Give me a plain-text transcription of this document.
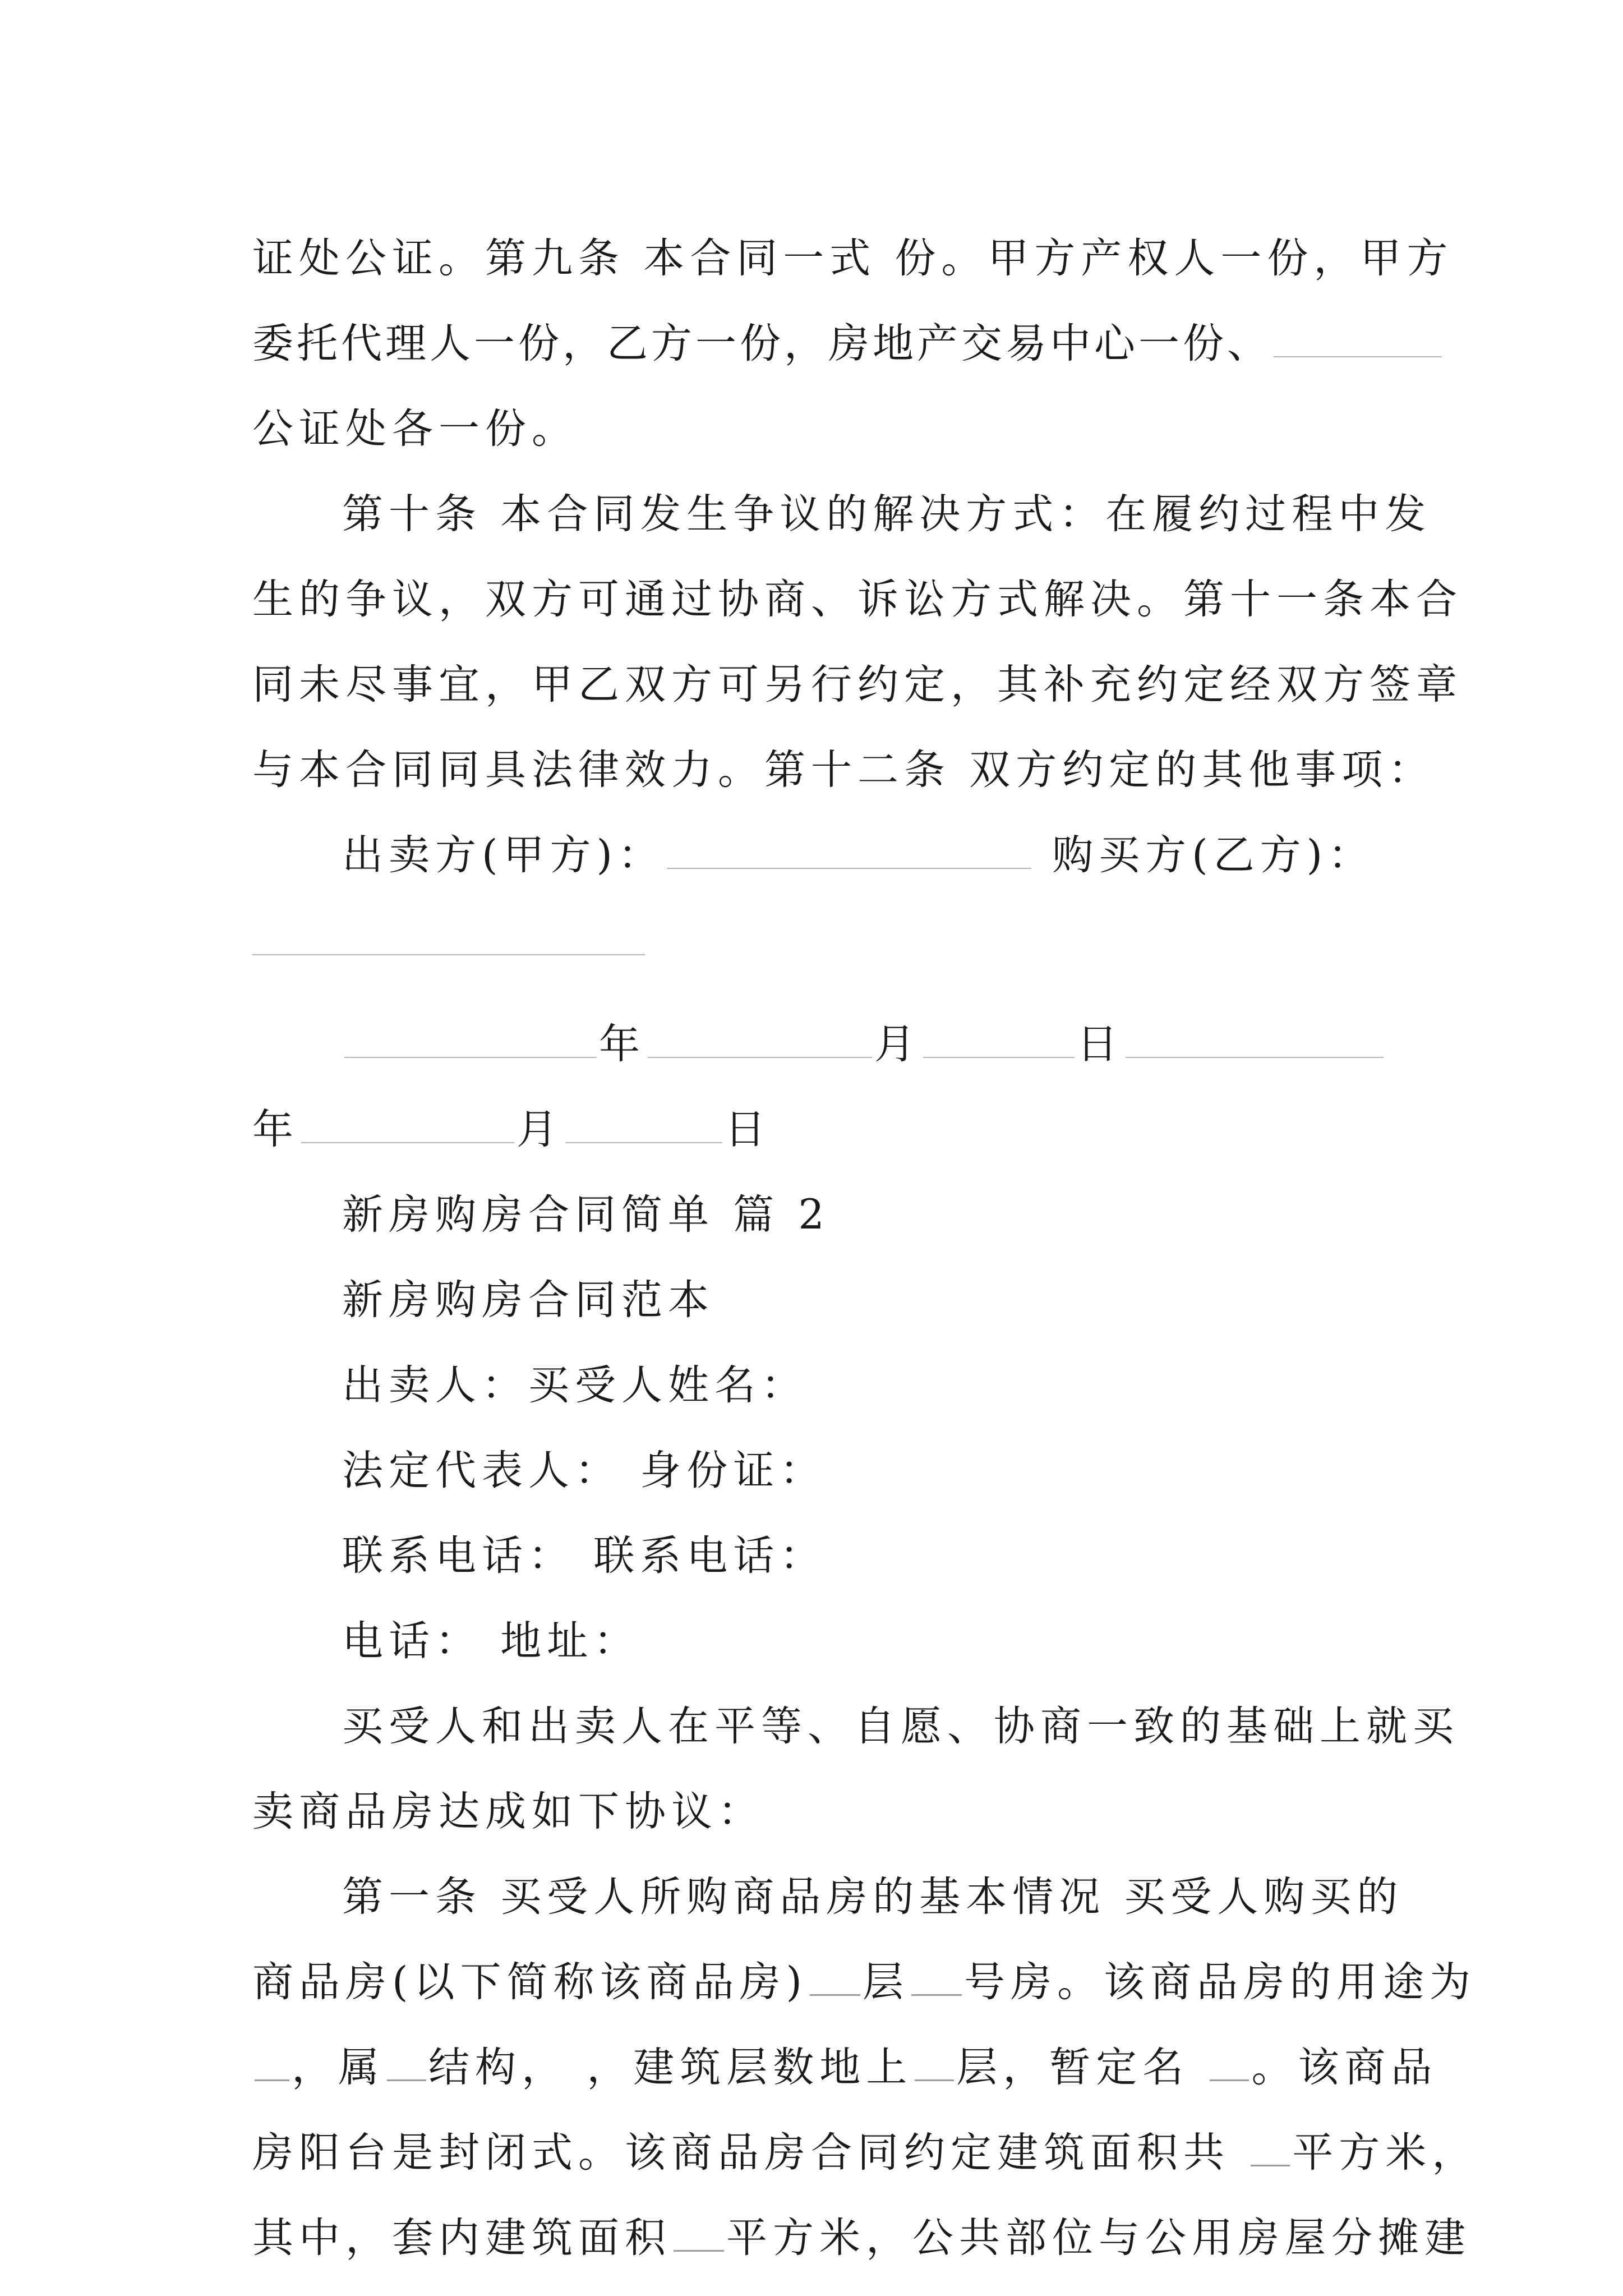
证处公证。第九条 本合同一式 份。甲方产权人一份，甲方
委托代理人一份，乙方一份，房地产交易中心一份、
公证处各一份。
第十条 本合同发生争议的解决方式：在履约过程中发
生的争议，双方可通过协商、诉讼方式解决。第十一条本合
同未尽事宜，甲乙双方可另行约定，其补充约定经双方签章
与本合同同具法律效力。第十二条 双方约定的其他事项：
出卖方(甲方)：	购买方(乙方)：
年	月	日
年	月	日
新房购房合同简单 篇 2
新房购房合同范本
出卖人：买受人姓名：
法定代表人： 身份证：
联系电话： 联系电话：
电话： 地址：
买受人和出卖人在平等、自愿、协商一致的基础上就买
卖商品房达成如下协议：
第一条 买受人所购商品房的基本情况 买受人购买的
商品房(以下简称该商品房) 层 号房。该商品房的用途为
，属 结构， ，建筑层数地上 层，暂定名 。该商品
房阳台是封闭式。该商品房合同约定建筑面积共 平方米，
其中，套内建筑面积 平方米，公共部位与公用房屋分摊建
